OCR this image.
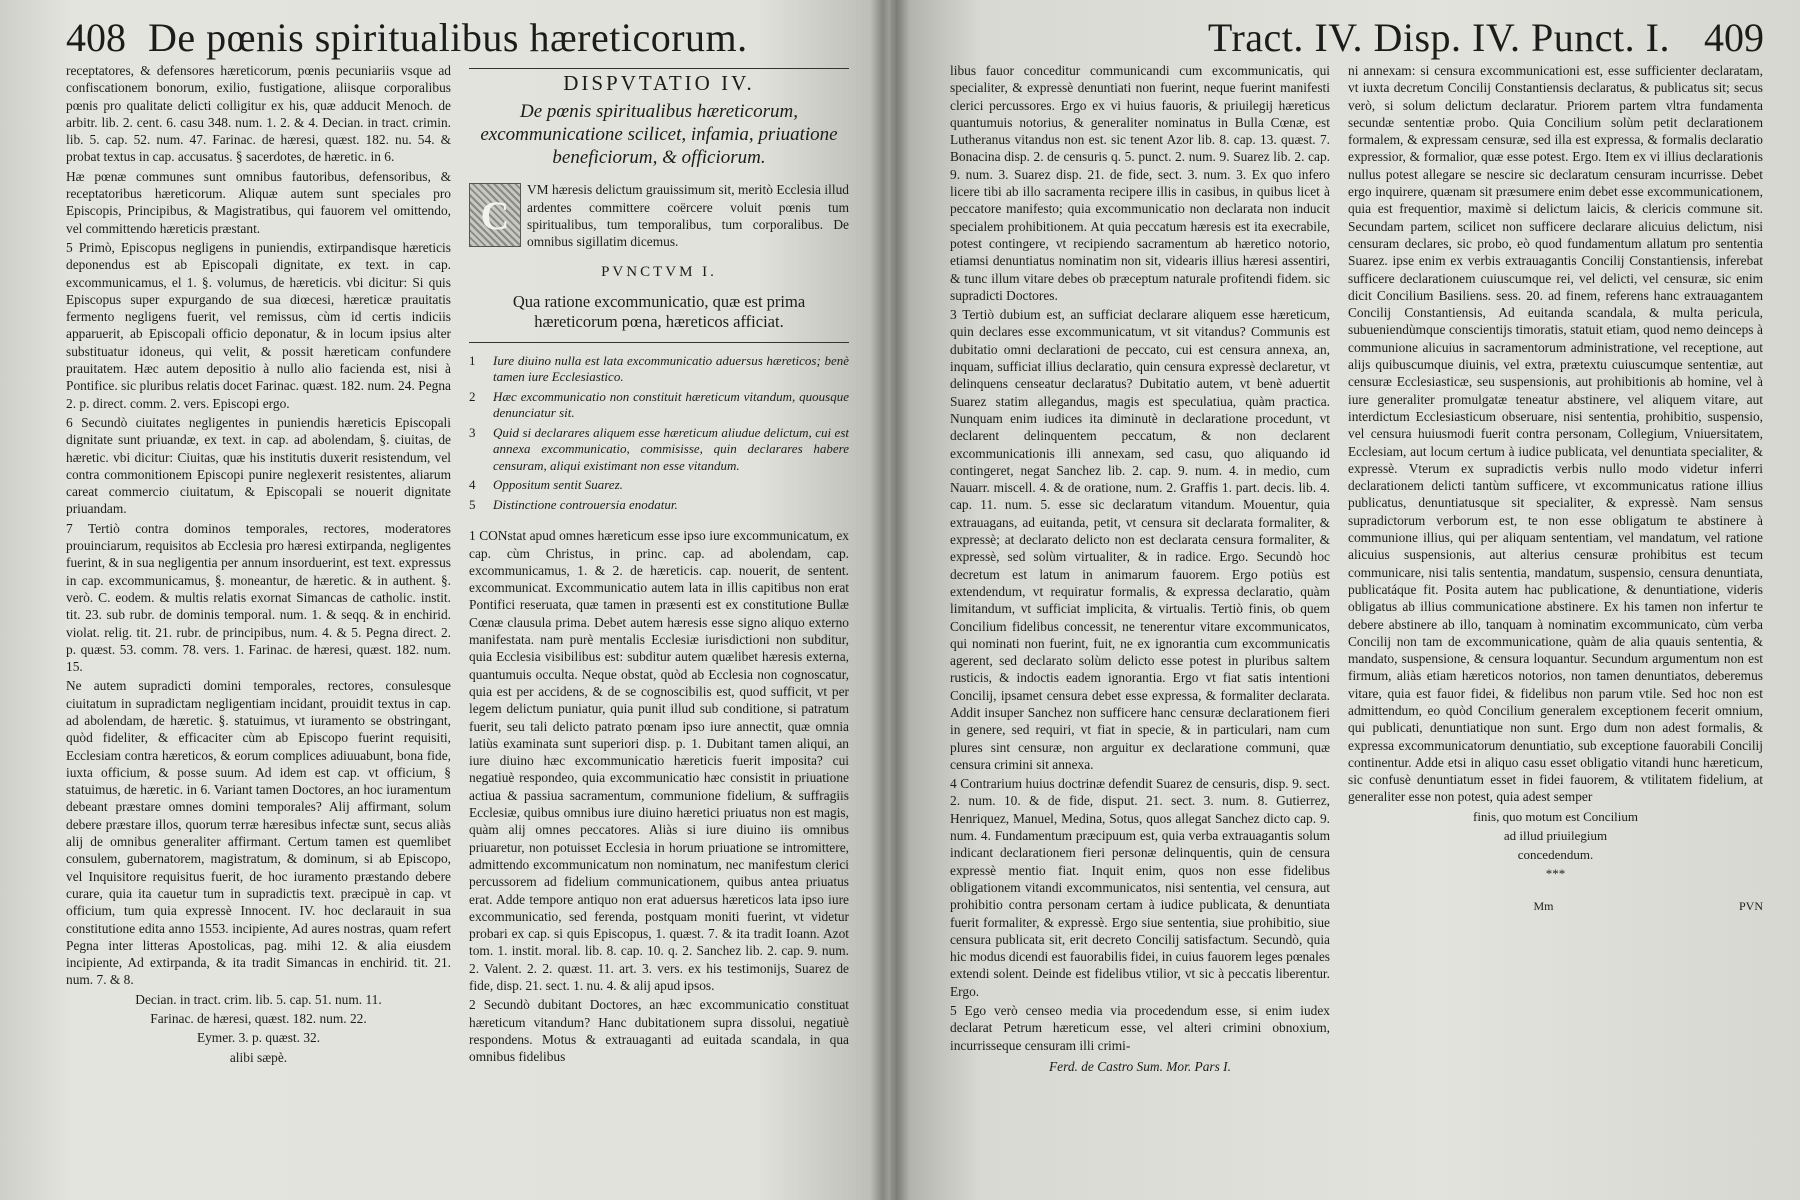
408 De pœnis spiritualibus hæreticorum.

receptatores, & defensores hæreticorum, pœnis pecuniariis vsque ad confiscationem bonorum, exilio, fustigatione, aliisque corporalibus pœnis pro qualitate delicti colligitur ex his, quæ adducit Menoch. de arbitr. lib. 2. cent. 6. casu 348. num. 1. 2. & 4. Decian. in tract. crimin. lib. 5. cap. 52. num. 47. Farinac. de hæresi, quæst. 182. nu. 54. & probat textus in cap. accusatus. § sacerdotes, de hæretic. in 6.

Hæ pœnæ communes sunt omnibus fautoribus, defensoribus, & receptatoribus hæreticorum. Aliquæ autem sunt speciales pro Episcopis, Principibus, & Magistratibus, qui fauorem vel omittendo, vel committendo hæreticis præstant.

5 Primò, Episcopus negligens in puniendis, extirpandisque hæreticis deponendus est ab Episcopali dignitate, ex text. in cap. excommunicamus, el 1. §. volumus, de hæreticis. vbi dicitur: Si quis Episcopus super expurgando de sua diœcesi, hæreticæ prauitatis fermento negligens fuerit, vel remissus, cùm id certis indiciis apparuerit, ab Episcopali officio deponatur, & in locum ipsius alter substituatur idoneus, qui velit, & possit hæreticam confundere prauitatem. Hæc autem depositio à nullo alio facienda est, nisi à Pontifice. sic pluribus relatis docet Farinac. quæst. 182. num. 24. Pegna 2. p. direct. comm. 2. vers. Episcopi ergo.

6 Secundò ciuitates negligentes in puniendis hæreticis Episcopali dignitate sunt priuandæ, ex text. in cap. ad abolendam, §. ciuitas, de hæretic. vbi dicitur: Ciuitas, quæ his institutis duxerit resistendum, vel contra commonitionem Episcopi punire neglexerit resistentes, aliarum careat commercio ciuitatum, & Episcopali se nouerit dignitate priuandam.

7 Tertiò contra dominos temporales, rectores, moderatores prouinciarum, requisitos ab Ecclesia pro hæresi extirpanda, negligentes fuerint, & in sua negligentia per annum insorduerint, est text. expressus in cap. excommunicamus, §. moneantur, de hæretic. & in authent. §. verò. C. eodem. & multis relatis exornat Simancas de catholic. instit. tit. 23. sub rubr. de dominis temporal. num. 1. & seqq. & in enchirid. violat. relig. tit. 21. rubr. de principibus, num. 4. & 5. Pegna direct. 2. p. quæst. 53. comm. 78. vers. 1. Farinac. de hæresi, quæst. 182. num. 15.

Ne autem supradicti domini temporales, rectores, consulesque ciuitatum in supradictam negligentiam incidant, prouidit textus in cap. ad abolendam, de hæretic. §. statuimus, vt iuramento se obstringant, quòd fideliter, & efficaciter cùm ab Episcopo fuerint requisiti, Ecclesiam contra hæreticos, & eorum complices adiuuabunt, bona fide, iuxta officium, & posse suum. Ad idem est cap. vt officium, § statuimus, de hæretic. in 6. Variant tamen Doctores, an hoc iuramentum debeant præstare omnes domini temporales? Alij affirmant, solum debere præstare illos, quorum terræ hæresibus infectæ sunt, secus aliàs alij de omnibus generaliter affirmant. Certum tamen est quemlibet consulem, gubernatorem, magistratum, & dominum, si ab Episcopo, vel Inquisitore requisitus fuerit, de hoc iuramento præstando debere curare, quia ita cauetur tum in supradictis text. præcipuè in cap. vt officium, tum quia expressè Innocent. IV. hoc declarauit in sua constitutione edita anno 1553. incipiente, Ad aures nostras, quam refert Pegna inter litteras Apostolicas, pag. mihi 12. & alia eiusdem incipiente, Ad extirpanda, & ita tradit Simancas in enchirid. tit. 21. num. 7. & 8.

Decian. in tract. crim. lib. 5. cap. 51. num. 11.

Farinac. de hæresi, quæst. 182. num. 22.

Eymer. 3. p. quæst. 32.

alibi sæpè.

DISPVTATIO IV.
De pœnis spiritualibus hæreticorum, excommunicatione scilicet, infamia, priuatione beneficiorum, & officiorum.
C

VM hæresis delictum grauissimum sit, meritò Ecclesia illud ardentes committere coërcere voluit pœnis tum spiritualibus, tum temporalibus, tum corporalibus. De omnibus sigillatim dicemus.

PVNCTVM I.
Qua ratione excommunicatio, quæ est prima hæreticorum pœna, hæreticos afficiat.
1	Iure diuino nulla est lata excommunicatio aduersus hæreticos; benè tamen iure Ecclesiastico.
2	Hæc excommunicatio non constituit hæreticum vitandum, quousque denunciatur sit.
3	Quid si declarares aliquem esse hæreticum aliudue delictum, cui est annexa excommunicatio, commisisse, quin declarares habere censuram, aliqui existimant non esse vitandum.
4	Oppositum sentit Suarez.
5	Distinctione controuersia enodatur.

1 CONstat apud omnes hæreticum esse ipso iure excommunicatum, ex cap. cùm Christus, in princ. cap. ad abolendam, cap. excommunicamus, 1. & 2. de hæreticis. cap. nouerit, de sentent. excommunicat. Excommunicatio autem lata in illis capitibus non erat Pontifici reseruata, quæ tamen in præsenti est ex constitutione Bullæ Cœnæ clausula prima. Debet autem hæresis esse signo aliquo externo manifestata. nam purè mentalis Ecclesiæ iurisdictioni non subditur, quia Ecclesia visibilibus est: subditur autem quælibet hæresis externa, quantumuis occulta. Neque obstat, quòd ab Ecclesia non cognoscatur, quia est per accidens, & de se cognoscibilis est, quod sufficit, vt per legem delictum puniatur, quia punit illud sub conditione, si patratum fuerit, seu tali delicto patrato pœnam ipso iure annectit, quæ omnia latiùs examinata sunt superiori disp. p. 1. Dubitant tamen aliqui, an iure diuino hæc excommunicatio hæreticis fuerit imposita? cui negatiuè respondeo, quia excommunicatio hæc consistit in priuatione actiua & passiua sacramentum, communione fidelium, & suffragiis Ecclesiæ, quibus omnibus iure diuino hæretici priuatus non est magis, quàm alij omnes peccatores. Aliàs si iure diuino iis omnibus priuaretur, non potuisset Ecclesia in horum priuatione se intromittere, admittendo excommunicatum non nominatum, nec manifestum clerici percussorem ad fidelium communicationem, quibus antea priuatus erat. Adde tempore antiquo non erat aduersus hæreticos lata ipso iure excommunicatio, sed ferenda, postquam moniti fuerint, vt videtur probari ex cap. si quis Episcopus, 1. quæst. 7. & ita tradit Ioann. Azot tom. 1. instit. moral. lib. 8. cap. 10. q. 2. Sanchez lib. 2. cap. 9. num. 2. Valent. 2. 2. quæst. 11. art. 3. vers. ex his testimonijs, Suarez de fide, disp. 21. sect. 1. nu. 4. & alij apud ipsos.

2 Secundò dubitant Doctores, an hæc excommunicatio constituat hæreticum vitandum? Hanc dubitationem supra dissolui, negatiuè respondens. Motus & extrauaganti ad euitada scandala, in qua omnibus fidelibus

Tract. IV. Disp. IV. Punct. I. 409

libus fauor conceditur communicandi cum excommunicatis, qui specialiter, & expressè denuntiati non fuerint, neque fuerint manifesti clerici percussores. Ergo ex vi huius fauoris, & priuilegij hæreticus quantumuis notorius, & generaliter nominatus in Bulla Cœnæ, est Lutheranus vitandus non est. sic tenent Azor lib. 8. cap. 13. quæst. 7. Bonacina disp. 2. de censuris q. 5. punct. 2. num. 9. Suarez lib. 2. cap. 9. num. 3. Suarez disp. 21. de fide, sect. 3. num. 3. Ex quo infero licere tibi ab illo sacramenta recipere illis in casibus, in quibus licet à peccatore manifesto; quia excommunicatio non declarata non inducit specialem prohibitionem. At quia peccatum hæresis est ita execrabile, potest contingere, vt recipiendo sacramentum ab hæretico notorio, etiamsi denuntiatus nominatim non sit, videaris illius hæresi assentiri, & tunc illum vitare debes ob præceptum naturale profitendi fidem. sic supradicti Doctores.

3 Tertiò dubium est, an sufficiat declarare aliquem esse hæreticum, quin declares esse excommunicatum, vt sit vitandus? Communis est dubitatio omni declarationi de peccato, cui est censura annexa, an, inquam, sufficiat illius declaratio, quin censura expressè declaretur, vt delinquens censeatur declaratus? Dubitatio autem, vt benè aduertit Suarez statim allegandus, magis est speculatiua, quàm practica. Nunquam enim iudices ita diminutè in declaratione procedunt, vt declarent delinquentem peccatum, & non declarent excommunicationis illi annexam, sed casu, quo aliquando id contingeret, negat Sanchez lib. 2. cap. 9. num. 4. in medio, cum Nauarr. miscell. 4. & de oratione, num. 2. Graffis 1. part. decis. lib. 4. cap. 11. num. 5. esse sic declaratum vitandum. Mouentur, quia extrauagans, ad euitanda, petit, vt censura sit declarata formaliter, & expressè; at declarato delicto non est declarata censura formaliter, & expressè, sed solùm virtualiter, & in radice. Ergo. Secundò hoc decretum est latum in animarum fauorem. Ergo potiùs est extendendum, vt requiratur formalis, & expressa declaratio, quàm limitandum, vt sufficiat implicita, & virtualis. Tertiò finis, ob quem Concilium fidelibus concessit, ne tenerentur vitare excommunicatos, qui nominati non fuerint, fuit, ne ex ignorantia cum excommunicatis agerent, sed declarato solùm delicto esse potest in pluribus saltem rusticis, & indoctis eadem ignorantia. Ergo vt fiat satis intentioni Concilij, ipsamet censura debet esse expressa, & formaliter declarata. Addit insuper Sanchez non sufficere hanc censuræ declarationem fieri in genere, sed requiri, vt fiat in specie, & in particulari, nam cum plures sint censuræ, non arguitur ex declaratione communi, quæ censura crimini sit annexa.

4 Contrarium huius doctrinæ defendit Suarez de censuris, disp. 9. sect. 2. num. 10. & de fide, disput. 21. sect. 3. num. 8. Gutierrez, Henriquez, Manuel, Medina, Sotus, quos allegat Sanchez dicto cap. 9. num. 4. Fundamentum præcipuum est, quia verba extrauagantis solum indicant declarationem fieri personæ delinquentis, quin de censura expressè mentio fiat. Inquit enim, quos non esse fidelibus obligationem vitandi excommunicatos, nisi sententia, vel censura, aut prohibitio contra personam certam à iudice publicata, & denuntiata fuerit formaliter, & expressè. Ergo siue sententia, siue prohibitio, siue censura publicata sit, erit decreto Concilij satisfactum. Secundò, quia hic modus dicendi est fauorabilis fidei, in cuius fauorem leges pœnales extendi solent. Deinde est fidelibus vtilior, vt sic à peccatis liberentur. Ergo.

5 Ego verò censeo media via procedendum esse, si enim iudex declarat Petrum hæreticum esse, vel alteri crimini obnoxium, incurrisseque censuram illi crimi-

Ferd. de Castro Sum. Mor. Pars I.

ni annexam: si censura excommunicationi est, esse sufficienter declaratam, vt iuxta decretum Concilij Constantiensis declaratus, & publicatus sit; secus verò, si solum delictum declaratur. Priorem partem vltra fundamenta secundæ sententiæ probo. Quia Concilium solùm petit declarationem formalem, & expressam censuræ, sed illa est expressa, & formalis declaratio expressior, & formalior, quæ esse potest. Ergo. Item ex vi illius declarationis nullus potest allegare se nescire sic declaratum censuram incurrisse. Debet ergo inquirere, quænam sit præsumere enim debet esse excommunicationem, quia est frequentior, maximè si delictum laicis, & clericis commune sit. Secundam partem, scilicet non sufficere declarare alicuius delictum, nisi censuram declares, sic probo, eò quod fundamentum allatum pro sententia Suarez. ipse enim ex verbis extrauagantis Concilij Constantiensis, inferebat sufficere declarationem cuiuscumque rei, vel delicti, vel censuræ, sic enim dicit Concilium Basiliens. sess. 20. ad finem, referens hanc extrauagantem Concilij Constantiensis, Ad euitanda scandala, & multa pericula, subueniendùmque conscientijs timoratis, statuit etiam, quod nemo deinceps à communione alicuius in sacramentorum administratione, vel receptione, aut alijs quibuscumque diuinis, vel extra, prætextu cuiuscumque sententiæ, aut censuræ Ecclesiasticæ, seu suspensionis, aut prohibitionis ab homine, vel à iure generaliter promulgatæ teneatur abstinere, vel aliquem vitare, aut interdictum Ecclesiasticum obseruare, nisi sententia, prohibitio, suspensio, vel censura huiusmodi fuerit contra personam, Collegium, Vniuersitatem, Ecclesiam, aut locum certum à iudice publicata, vel denuntiata specialiter, & expressè. Vterum ex supradictis verbis nullo modo videtur inferri declarationem delicti tantùm sufficere, vt excommunicatus ratione illius publicatus, denuntiatusque sit specialiter, & expressè. Nam sensus supradictorum verborum est, te non esse obligatum te abstinere à communione illius, qui per aliquam sententiam, vel mandatum, vel ratione alicuius suspensionis, aut alterius censuræ prohibitus est tecum communicare, nisi talis sententia, mandatum, suspensio, censura denuntiata, publicatáque fit. Posita autem hac publicatione, & denuntiatione, videris obligatus ab illius communicatione abstinere. Ex his tamen non infertur te debere abstinere ab illo, tanquam à nominatim excommunicato, cùm verba Concilij non tam de excommunicatione, quàm de alia quauis sententia, & mandato, suspensione, & censura loquantur. Secundum argumentum non est firmum, aliàs etiam hæreticos notorios, non tamen denuntiatos, deberemus vitare, quia est fauor fidei, & fidelibus non parum vtile. Sed hoc non est admittendum, eo quòd Concilium generalem exceptionem fecerit omnium, qui publicati, denuntiatique non sunt. Ergo dum non adest formalis, & expressa excommunicatorum denuntiatio, sub exceptione fauorabili Concilij continentur. Adde etsi in aliquo casu esset obligatio vitandi hunc hæreticum, sic confusè denuntiatum esset in fidei fauorem, & vtilitatem fidelium, at generaliter esse non potest, quia adest semper

finis, quo motum est Concilium

ad illud priuilegium

concedendum.

***

Mm	PVN
